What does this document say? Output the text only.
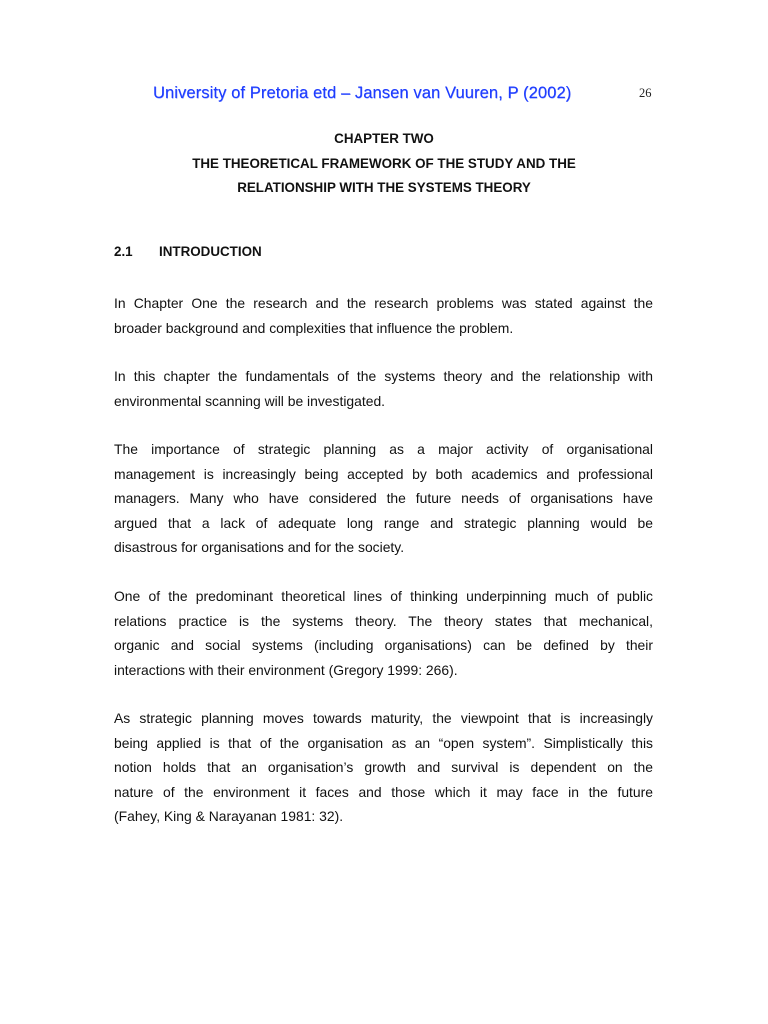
University of Pretoria etd – Jansen van Vuuren, P (2002)	26
CHAPTER TWO
THE THEORETICAL FRAMEWORK OF THE STUDY AND THE
RELATIONSHIP WITH THE SYSTEMS THEORY
2.1 INTRODUCTION
In Chapter One the research and the research problems was stated against the
broader background and complexities that influence the problem.
In this chapter the fundamentals of the systems theory and the relationship with
environmental scanning will be investigated.
The importance of strategic planning as a major activity of organisational
management is increasingly being accepted by both academics and professional
managers. Many who have considered the future needs of organisations have
argued that a lack of adequate long range and strategic planning would be
disastrous for organisations and for the society.
One of the predominant theoretical lines of thinking underpinning much of public
relations practice is the systems theory. The theory states that mechanical,
organic and social systems (including organisations) can be defined by their
interactions with their environment (Gregory 1999: 266).
As strategic planning moves towards maturity, the viewpoint that is increasingly
being applied is that of the organisation as an “open system”. Simplistically this
notion holds that an organisation’s growth and survival is dependent on the
nature of the environment it faces and those which it may face in the future
(Fahey, King & Narayanan 1981: 32).
